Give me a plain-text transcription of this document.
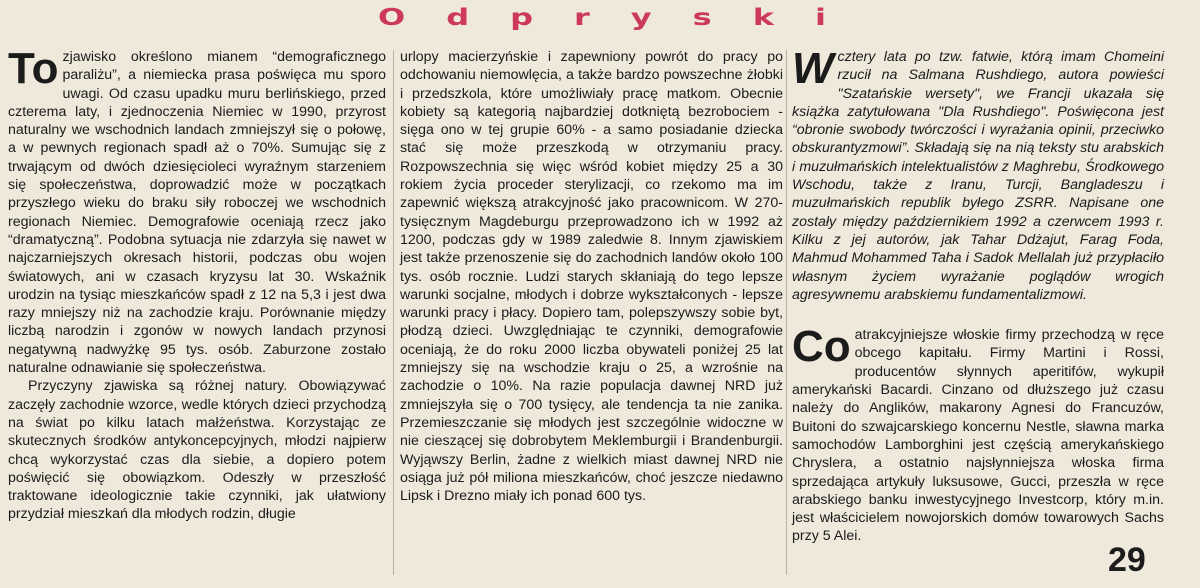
Odpryski

To zjawisko określono mianem “demograficznego paraliżu”, a niemiecka prasa poświęca mu sporo uwagi. Od czasu upadku muru berlińskiego, przed czterema laty, i zjednoczenia Niemiec w 1990, przyrost naturalny we wschodnich landach zmniejszył się o połowę, a w pewnych regionach spadł aż o 70%. Sumując się z trwającym od dwóch dziesięcioleci wyraźnym starzeniem się społeczeństwa, doprowadzić może w początkach przyszłego wieku do braku siły roboczej we wschodnich regionach Niemiec. Demografowie oceniają rzecz jako “dramatyczną”. Podobna sytuacja nie zdarzyła się nawet w najczarniejszych okresach historii, podczas obu wojen światowych, ani w czasach kryzysu lat 30. Wskaźnik urodzin na tysiąc mieszkańców spadł z 12 na 5,3 i jest dwa razy mniejszy niż na zachodzie kraju. Porównanie między liczbą narodzin i zgonów w nowych landach przynosi negatywną nadwyżkę 95 tys. osób. Zaburzone zostało naturalne odnawianie się społeczeństwa.

Przyczyny zjawiska są różnej natury. Obowiązywać zaczęły zachodnie wzorce, wedle których dzieci przychodzą na świat po kilku latach małżeństwa. Korzystając ze skutecznych środków antykoncepcyjnych, młodzi najpierw chcą wykorzystać czas dla siebie, a dopiero potem poświęcić się obowiązkom. Odeszły w przeszłość traktowane ideologicznie takie czynniki, jak ułatwiony przydział mieszkań dla młodych rodzin, długie

urlopy macierzyńskie i zapewniony powrót do pracy po odchowaniu niemowlęcia, a także bardzo powszechne żłobki i przedszkola, które umożliwiały pracę matkom. Obecnie kobiety są kategorią najbardziej dotkniętą bezrobociem - sięga ono w tej grupie 60% - a samo posiadanie dziecka stać się może przeszkodą w otrzymaniu pracy. Rozpowszechnia się więc wśród kobiet między 25 a 30 rokiem życia proceder sterylizacji, co rzekomo ma im zapewnić większą atrakcyjność jako pracownicom. W 270-tysięcznym Magdeburgu przeprowadzono ich w 1992 aż 1200, podczas gdy w 1989 zaledwie 8. Innym zjawiskiem jest także przenoszenie się do zachodnich landów około 100 tys. osób rocznie. Ludzi starych skłaniają do tego lepsze warunki socjalne, młodych i dobrze wykształconych - lepsze warunki pracy i płacy. Dopiero tam, polepszywszy sobie byt, płodzą dzieci. Uwzględniając te czynniki, demografowie oceniają, że do roku 2000 liczba obywateli poniżej 25 lat zmniejszy się na wschodzie kraju o 25, a wzrośnie na zachodzie o 10%. Na razie populacja dawnej NRD już zmniejszyła się o 700 tysięcy, ale tendencja ta nie zanika. Przemieszczanie się młodych jest szczególnie widoczne w nie cieszącej się dobrobytem Meklemburgii i Brandenburgii. Wyjąwszy Berlin, żadne z wielkich miast dawnej NRD nie osiąga już pół miliona mieszkańców, choć jeszcze niedawno Lipsk i Drezno miały ich ponad 600 tys.

Wcztery lata po tzw. fatwie, którą imam Chomeini rzucił na Salmana Rushdiego, autora powieści "Szatańskie wersety", we Francji ukazała się książka zatytułowana "Dla Rushdiego". Poświęcona jest “obronie swobody twórczości i wyrażania opinii, przeciwko obskurantyzmowi”. Składają się na nią teksty stu arabskich i muzułmańskich intelektualistów z Maghrebu, Środkowego Wschodu, także z Iranu, Turcji, Bangladeszu i muzułmańskich republik byłego ZSRR. Napisane one zostały między październikiem 1992 a czerwcem 1993 r. Kilku z jej autorów, jak Tahar Ddżajut, Farag Foda, Mahmud Mohammed Taha i Sadok Mellalah już przypłaciło własnym życiem wyrażanie poglądów wrogich agresywnemu arabskiemu fundamentalizmowi.

Co atrakcyjniejsze włoskie firmy przechodzą w ręce obcego kapitału. Firmy Martini i Rossi, producentów słynnych aperitifów, wykupił amerykański Bacardi. Cinzano od dłuższego już czasu należy do Anglików, makarony Agnesi do Francuzów, Buitoni do szwajcarskiego koncernu Nestle, sławna marka samochodów Lamborghini jest częścią amerykańskiego Chryslera, a ostatnio najsłynniejsza włoska firma sprzedająca artykuły luksusowe, Gucci, przeszła w ręce arabskiego banku inwestycyjnego Investcorp, który m.in. jest właścicielem nowojorskich domów towarowych Sachs przy 5 Alei.

29
